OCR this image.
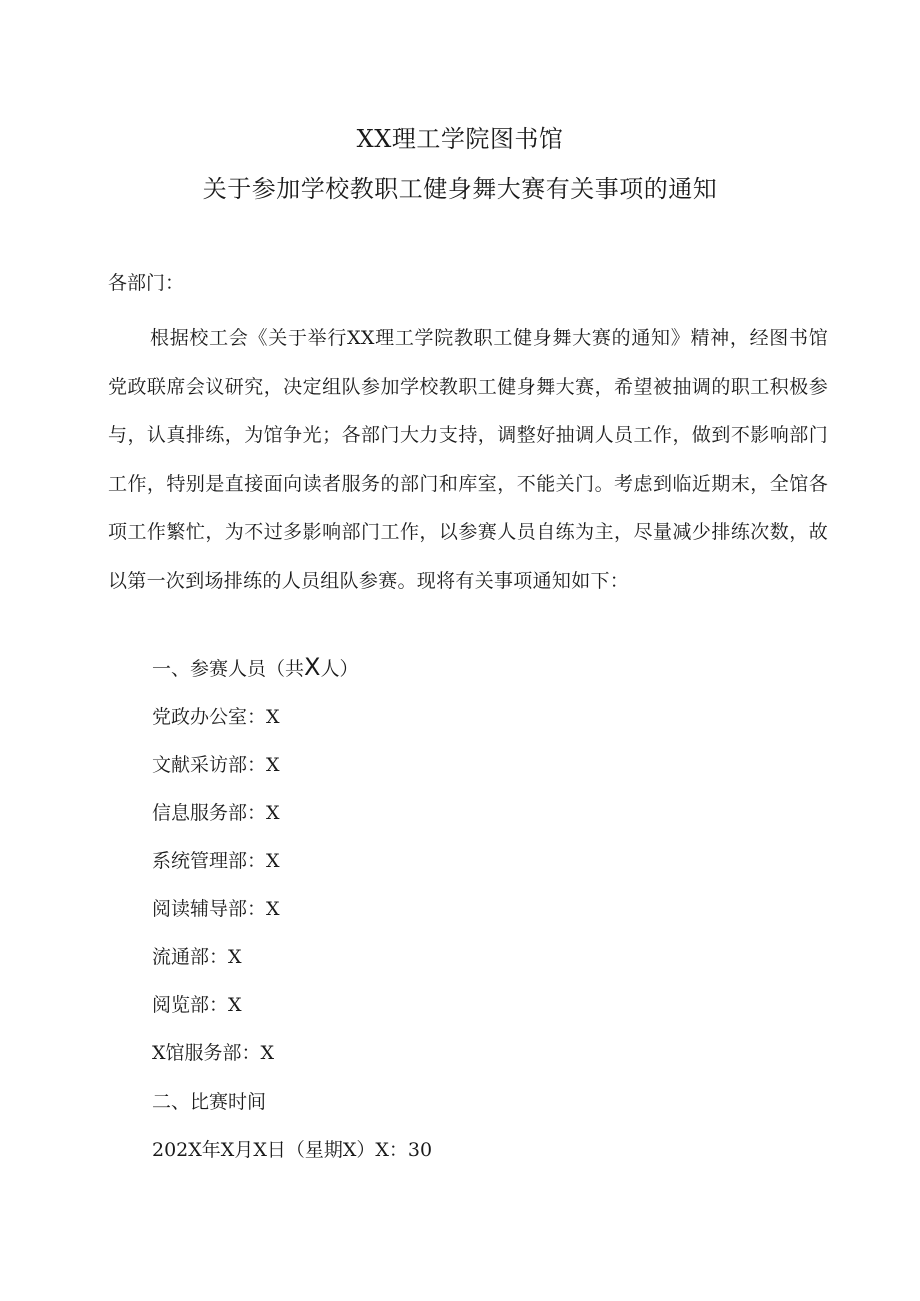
XX理工学院图书馆
关于参加学校教职工健身舞大赛有关事项的通知
各部门：
根据校工会《关于举行XX理工学院教职工健身舞大赛的通知》精神，经图书馆党政联席会议研究，决定组队参加学校教职工健身舞大赛，希望被抽调的职工积极参与，认真排练，为馆争光；各部门大力支持，调整好抽调人员工作，做到不影响部门工作，特别是直接面向读者服务的部门和库室，不能关门。考虑到临近期末，全馆各项工作繁忙，为不过多影响部门工作，以参赛人员自练为主，尽量减少排练次数，故以第一次到场排练的人员组队参赛。现将有关事项通知如下：
一、参赛人员（共X人）
党政办公室：X
文献采访部：X
信息服务部：X
系统管理部：X
阅读辅导部：X
流通部：X
阅览部：X
X馆服务部：X
二、比赛时间
202X年X月X日（星期X）X：30
